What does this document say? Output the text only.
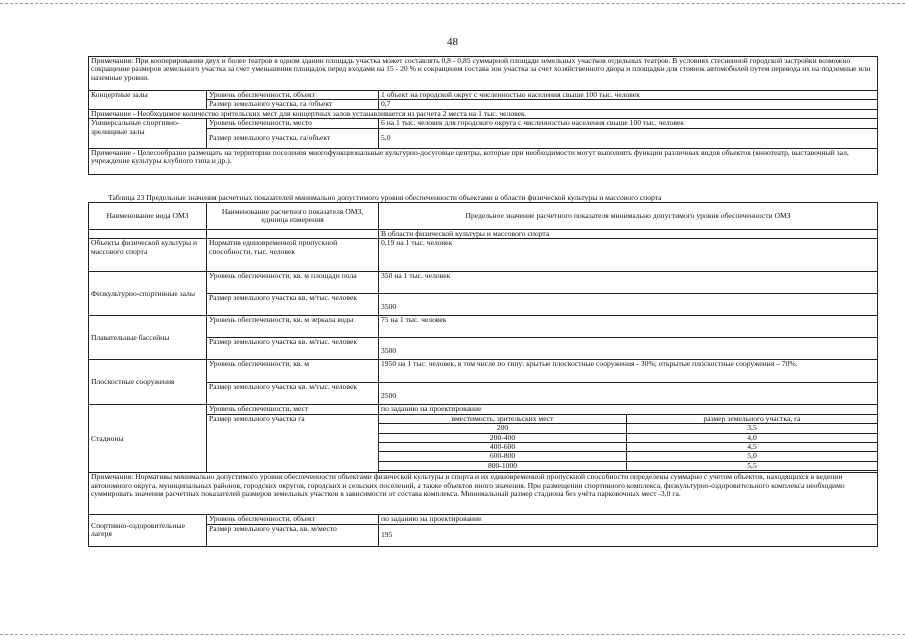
48
Примечания: При кооперировании двух и более театров в одном здании площадь участка может составлять 0,8 - 0,85 суммарной площади земельных участков отдельных театров. В условиях стесненной городской застройки возможно сокращение размеров земельного участка за счет уменьшения площадок перед входами на 15 - 20 % и сокращения состава зон участка за счет хозяйственного двора и площадки для стоянок автомобилей путем перевода их на подземные или наземные уровни.		
Концертные залы	Уровень обеспеченности, объект	1 объект на городской округ с численностью населения свыше 100 тыс. человек
	Размер земельного участка, га /объект	0,7
Примечание - Необходимое количество зрительских мест для концертных залов устанавливается из расчета 2 места на 1 тыс. человек.		
Универсальные спортивно-зрелищные залы	Уровень обеспеченности, место	6 на 1 тыс. человек для городского округа с численностью населения свыше 100 тыс. человек
	Размер земельного участка, га/объект	5,0
Примечание - Целесообразно размещать на территории поселения многофункциональные культурно-досуговые центры, которые при необходимости могут выполнять функции различных видов объектов (кинотеатр, выставочный зал, учреждение культуры клубного типа и др.).		
Таблица 23 Предельные значения расчетных показателей минимально допустимого уровня обеспеченности объектами в области физической культуры и массового спорта
Наименование вида ОМЗ	Наименование расчетного показателя ОМЗ, единица измерения	Предельное значение расчетного показателя минимально допустимого уровня обеспеченности ОМЗ	
		В области физической культуры и массового спорта	
Объекты физической культуры и массового спорта	Норматив единовременной пропускной способности, тыс. человек	0,19 на 1 тыс. человек	
Физкультурно-спортивные залы	Уровень обеспеченности, кв. м площади пола	350 на 1 тыс. человек	
	Размер земельного участка кв. м/тыс. человек	3500	
Плавательные бассейны	Уровень обеспеченности, кв. м зеркала воды	75 на 1 тыс. человек	
	Размер земельного участка кв. м/тыс. человек	3500	
Плоскостные сооружения	Уровень обеспеченности, кв. м	1950 на 1 тыс. человек, в том числе по типу: крытые плоскостные сооружения - 30%; открытые плоскостные сооружения – 70%.	
	Размер земельного участка кв. м/тыс. человек	2500	
Стадионы	Уровень обеспеченности, мест	по заданию на проектирование	
	Размер земельного участка га	вместимость, зрительских мест	размер земельного участка, га
		200	3,5
		200-400	4,0
		400-600	4,5
		600-800	5,0
		800-1000	5,5

Примечания: Нормативы минимально допустимого уровня обеспеченности объектами физической культуры и спорта и их единовременной пропускной способности определены суммарно с учетом объектов, находящихся в ведении автономного округа, муниципальных районов, городских округов, городских и сельских поселений, а также объектов иного значения. При размещении спортивного комплекса, физкультурно-оздоровительного комплекса необходимо суммировать значения расчетных показателей размеров земельных участков в зависимости от состава комплекса. Минимальный размер стадиона без учёта парковочных мест -3,0 га.			
Спортивно-оздоровительные лагеря	Уровень обеспеченности, объект	по заданию на проектирование	
	Размер земельного участка, кв. м/место	195	
